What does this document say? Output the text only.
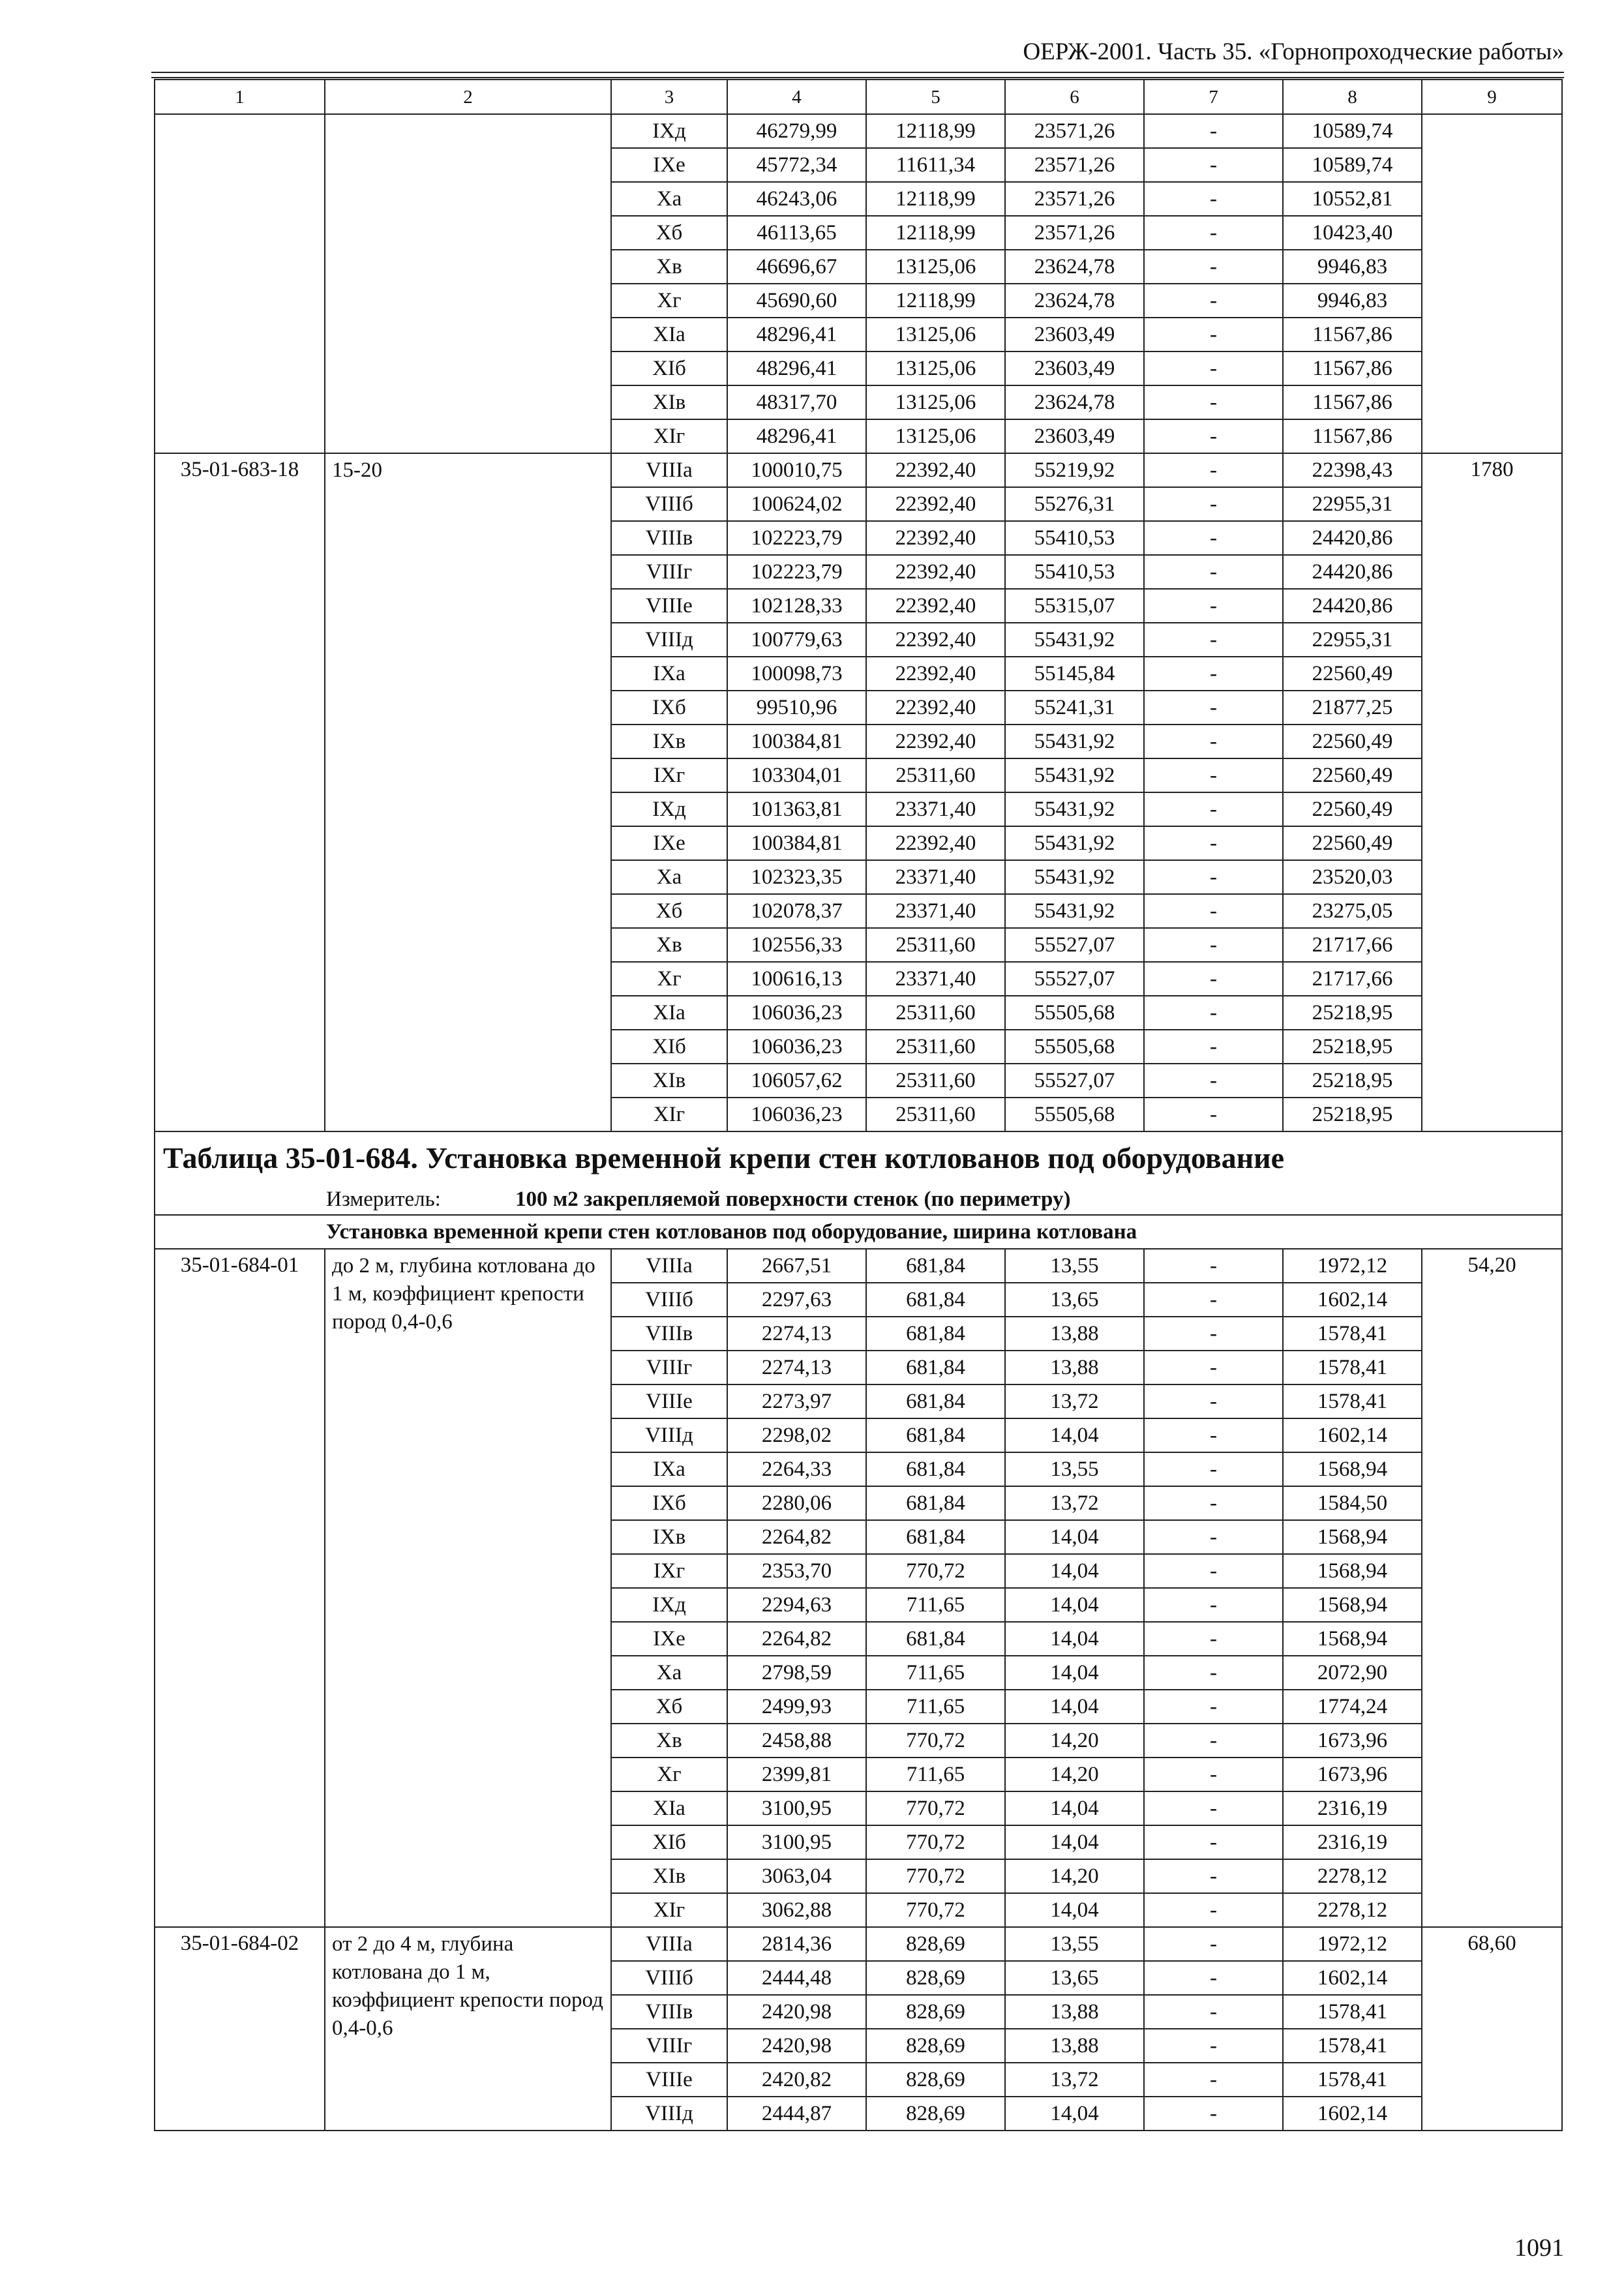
ОЕРЖ-2001. Часть 35. «Горнопроходческие работы»
1	2	3	4	5	6	7	8	9
		IXд	46279,99	12118,99	23571,26	-	10589,74	
		IXе	45772,34	11611,34	23571,26	-	10589,74	
		Xа	46243,06	12118,99	23571,26	-	10552,81	
		Xб	46113,65	12118,99	23571,26	-	10423,40	
		Xв	46696,67	13125,06	23624,78	-	9946,83	
		Xг	45690,60	12118,99	23624,78	-	9946,83	
		XIа	48296,41	13125,06	23603,49	-	11567,86	
		XIб	48296,41	13125,06	23603,49	-	11567,86	
		XIв	48317,70	13125,06	23624,78	-	11567,86	
		XIг	48296,41	13125,06	23603,49	-	11567,86	
35-01-683-18	15-20	VIIIа	100010,75	22392,40	55219,92	-	22398,43	1780
		VIIIб	100624,02	22392,40	55276,31	-	22955,31	
		VIIIв	102223,79	22392,40	55410,53	-	24420,86	
		VIIIг	102223,79	22392,40	55410,53	-	24420,86	
		VIIIе	102128,33	22392,40	55315,07	-	24420,86	
		VIIIд	100779,63	22392,40	55431,92	-	22955,31	
		IXа	100098,73	22392,40	55145,84	-	22560,49	
		IXб	99510,96	22392,40	55241,31	-	21877,25	
		IXв	100384,81	22392,40	55431,92	-	22560,49	
		IXг	103304,01	25311,60	55431,92	-	22560,49	
		IXд	101363,81	23371,40	55431,92	-	22560,49	
		IXе	100384,81	22392,40	55431,92	-	22560,49	
		Xа	102323,35	23371,40	55431,92	-	23520,03	
		Xб	102078,37	23371,40	55431,92	-	23275,05	
		Xв	102556,33	25311,60	55527,07	-	21717,66	
		Xг	100616,13	23371,40	55527,07	-	21717,66	
		XIа	106036,23	25311,60	55505,68	-	25218,95	
		XIб	106036,23	25311,60	55505,68	-	25218,95	
		XIв	106057,62	25311,60	55527,07	-	25218,95	
		XIг	106036,23	25311,60	55505,68	-	25218,95	
Таблица 35-01-684. Установка временной крепи стен котлованов под оборудование								
Измеритель: 100 м2 закрепляемой поверхности стенок (по периметру)								
Установка временной крепи стен котлованов под оборудование, ширина котлована								
35-01-684-01	до 2 м, глубина котлована до 1 м, коэффициент крепости пород 0,4-0,6	VIIIа	2667,51	681,84	13,55	-	1972,12	54,20
		VIIIб	2297,63	681,84	13,65	-	1602,14	
		VIIIв	2274,13	681,84	13,88	-	1578,41	
		VIIIг	2274,13	681,84	13,88	-	1578,41	
		VIIIе	2273,97	681,84	13,72	-	1578,41	
		VIIIд	2298,02	681,84	14,04	-	1602,14	
		IXа	2264,33	681,84	13,55	-	1568,94	
		IXб	2280,06	681,84	13,72	-	1584,50	
		IXв	2264,82	681,84	14,04	-	1568,94	
		IXг	2353,70	770,72	14,04	-	1568,94	
		IXд	2294,63	711,65	14,04	-	1568,94	
		IXе	2264,82	681,84	14,04	-	1568,94	
		Xа	2798,59	711,65	14,04	-	2072,90	
		Xб	2499,93	711,65	14,04	-	1774,24	
		Xв	2458,88	770,72	14,20	-	1673,96	
		Xг	2399,81	711,65	14,20	-	1673,96	
		XIа	3100,95	770,72	14,04	-	2316,19	
		XIб	3100,95	770,72	14,04	-	2316,19	
		XIв	3063,04	770,72	14,20	-	2278,12	
		XIг	3062,88	770,72	14,04	-	2278,12	
35-01-684-02	от 2 до 4 м, глубина котлована до 1 м, коэффициент крепости пород 0,4-0,6	VIIIа	2814,36	828,69	13,55	-	1972,12	68,60
		VIIIб	2444,48	828,69	13,65	-	1602,14	
		VIIIв	2420,98	828,69	13,88	-	1578,41	
		VIIIг	2420,98	828,69	13,88	-	1578,41	
		VIIIе	2420,82	828,69	13,72	-	1578,41	
		VIIIд	2444,87	828,69	14,04	-	1602,14	
1091
